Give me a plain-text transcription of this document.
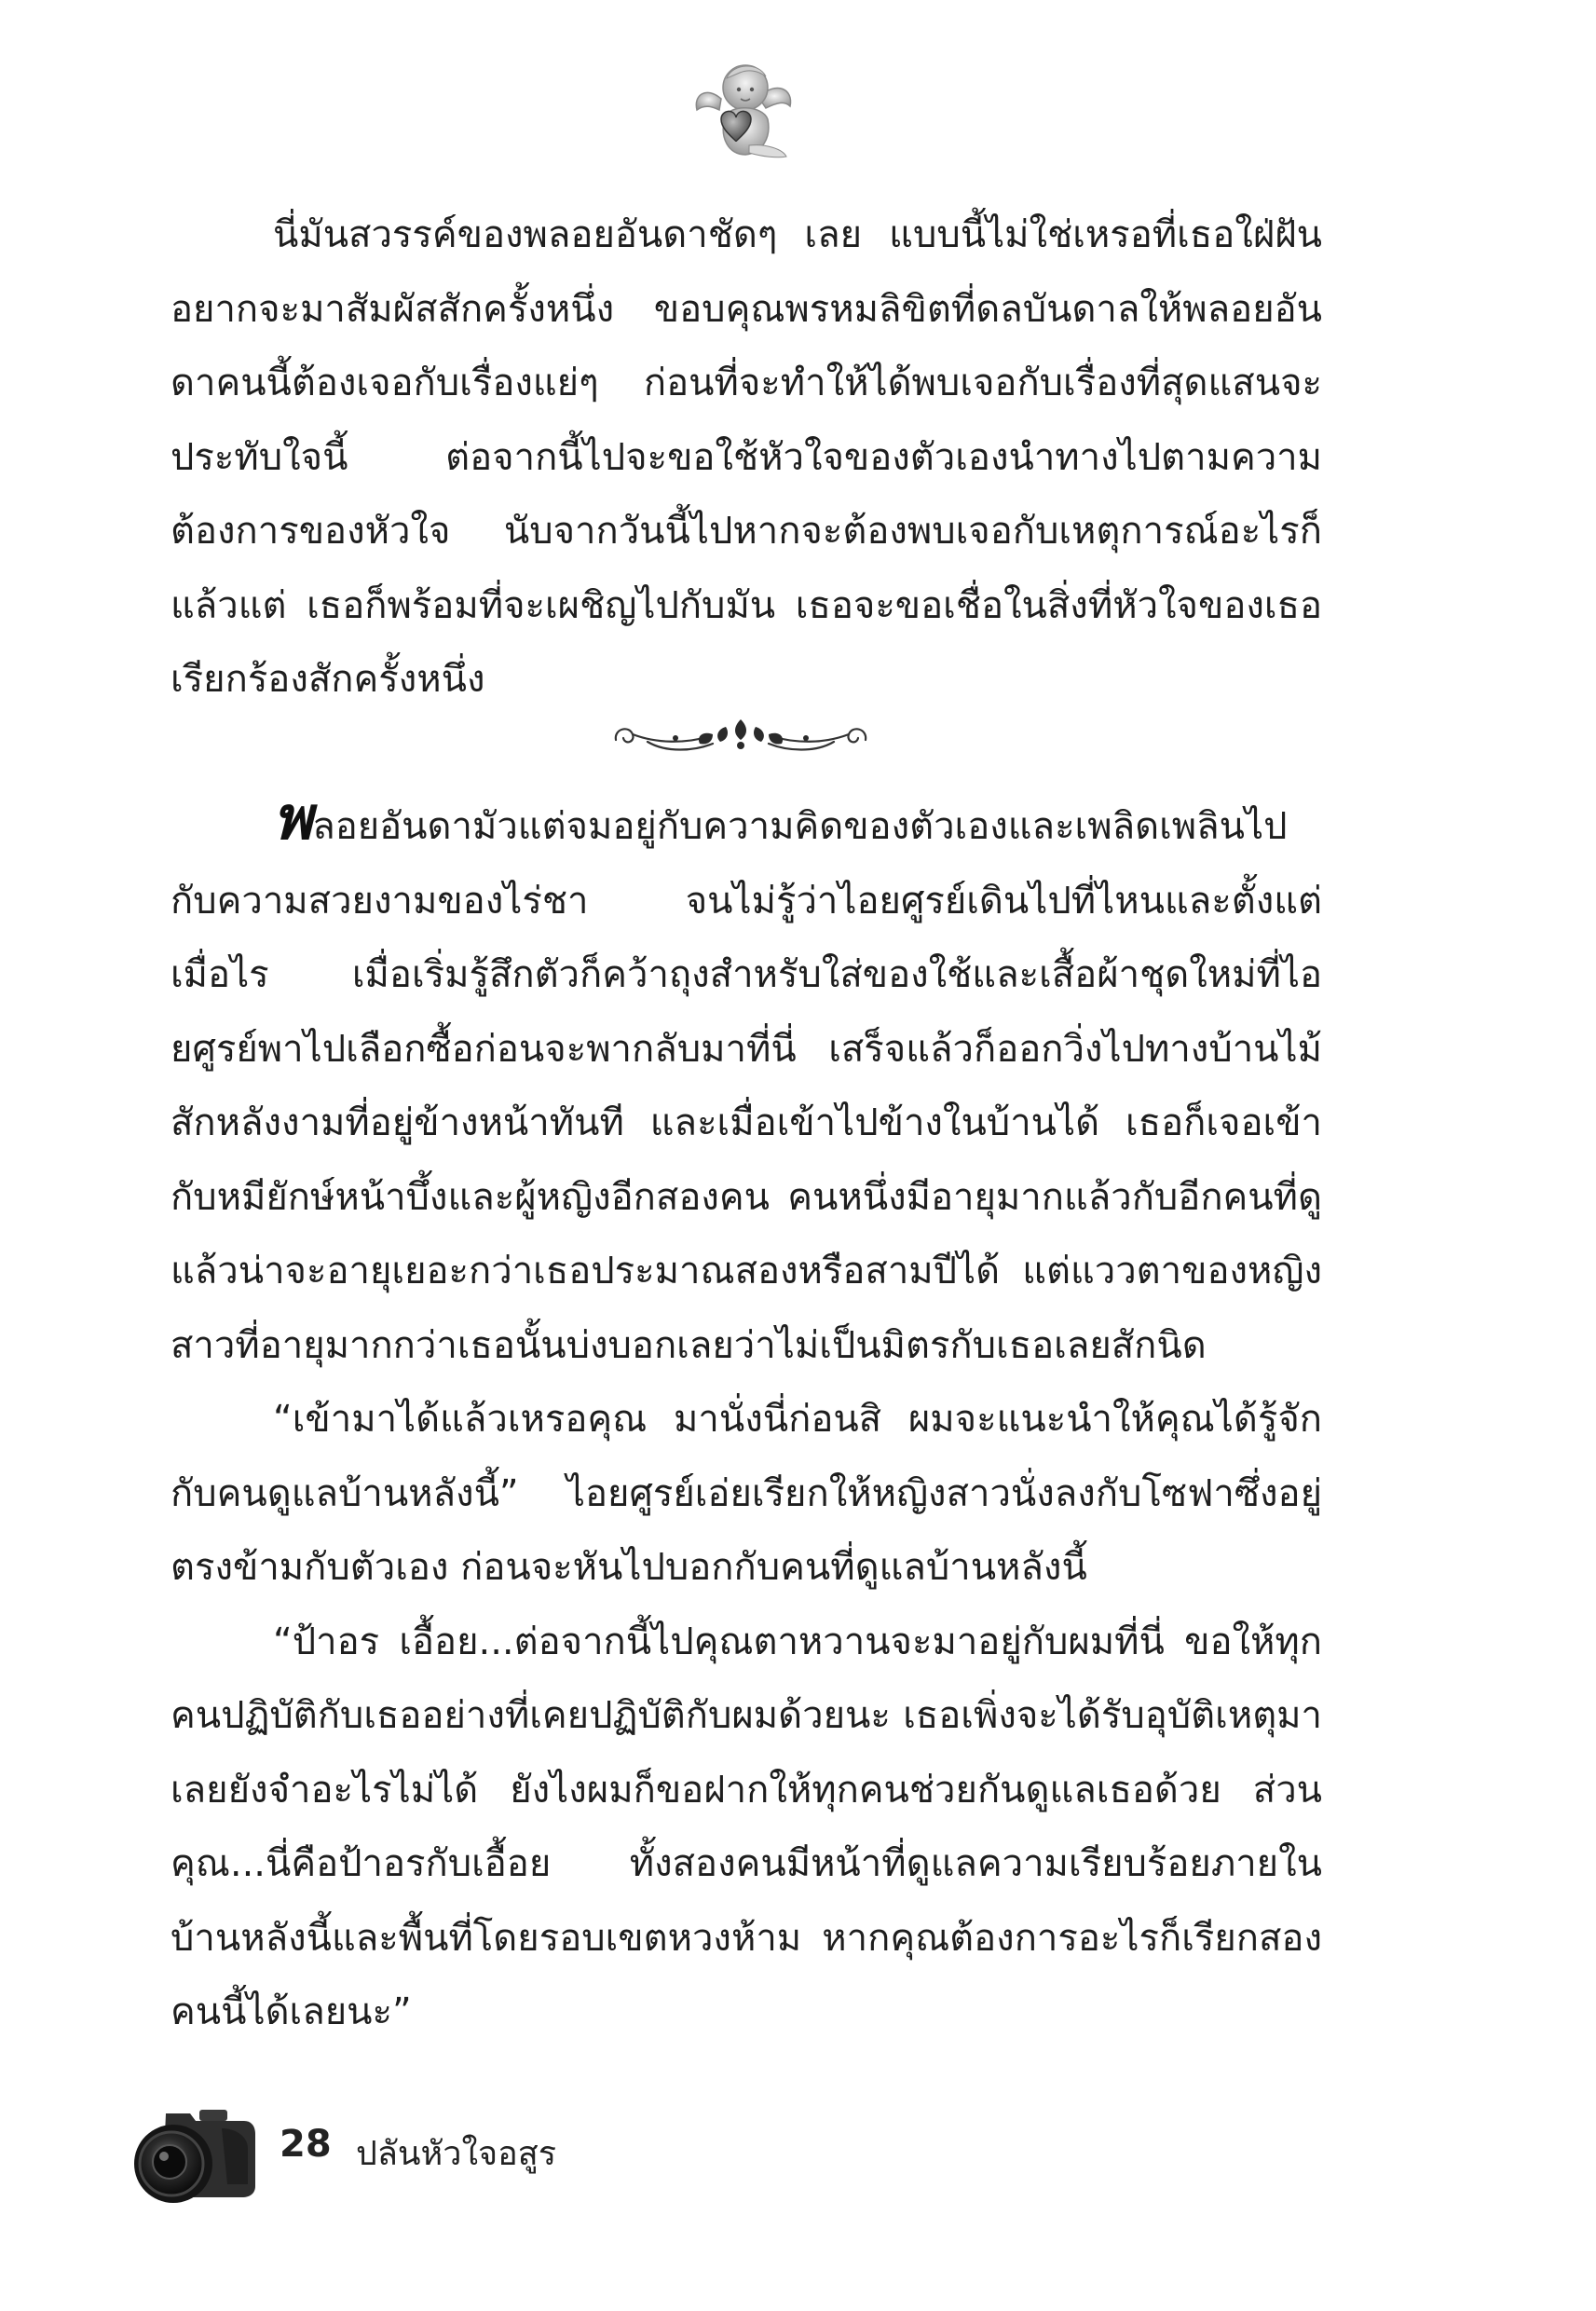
นี่มันสวรรค์ของพลอยอันดาชัดๆ เลย แบบนี้ไม่ใช่เหรอที่เธอใฝ่ฝันอยากจะมาสัมผัสสักครั้งหนึ่ง ขอบคุณพรหมลิขิตที่ดลบันดาลให้พลอยอันดาคนนี้ต้องเจอกับเรื่องแย่ๆ ก่อนที่จะทำให้ได้พบเจอกับเรื่องที่สุดแสนจะประทับใจนี้ ต่อจากนี้ไปจะขอใช้หัวใจของตัวเองนำทางไปตามความต้องการของหัวใจ นับจากวันนี้ไปหากจะต้องพบเจอกับเหตุการณ์อะไรก็แล้วแต่ เธอก็พร้อมที่จะเผชิญไปกับมัน เธอจะขอเชื่อในสิ่งที่หัวใจของเธอเรียกร้องสักครั้งหนึ่ง

พลอยอันดามัวแต่จมอยู่กับความคิดของตัวเองและเพลิดเพลินไปกับความสวยงามของไร่ชา จนไม่รู้ว่าไอยศูรย์เดินไปที่ไหนและตั้งแต่เมื่อไร เมื่อเริ่มรู้สึกตัวก็คว้าถุงสำหรับใส่ของใช้และเสื้อผ้าชุดใหม่ที่ไอยศูรย์พาไปเลือกซื้อก่อนจะพากลับมาที่นี่ เสร็จแล้วก็ออกวิ่งไปทางบ้านไม้สักหลังงามที่อยู่ข้างหน้าทันที และเมื่อเข้าไปข้างในบ้านได้ เธอก็เจอเข้ากับหมียักษ์หน้าบึ้งและผู้หญิงอีกสองคน คนหนึ่งมีอายุมากแล้วกับอีกคนที่ดูแล้วน่าจะอายุเยอะกว่าเธอประมาณสองหรือสามปีได้ แต่แววตาของหญิงสาวที่อายุมากกว่าเธอนั้นบ่งบอกเลยว่าไม่เป็นมิตรกับเธอเลยสักนิด

“เข้ามาได้แล้วเหรอคุณ มานั่งนี่ก่อนสิ ผมจะแนะนำให้คุณได้รู้จักกับคนดูแลบ้านหลังนี้” ไอยศูรย์เอ่ยเรียกให้หญิงสาวนั่งลงกับโซฟาซึ่งอยู่ตรงข้ามกับตัวเอง ก่อนจะหันไปบอกกับคนที่ดูแลบ้านหลังนี้

“ป้าอร เอื้อย...ต่อจากนี้ไปคุณตาหวานจะมาอยู่กับผมที่นี่ ขอให้ทุกคนปฏิบัติกับเธออย่างที่เคยปฏิบัติกับผมด้วยนะ เธอเพิ่งจะได้รับอุบัติเหตุมาเลยยังจำอะไรไม่ได้ ยังไงผมก็ขอฝากให้ทุกคนช่วยกันดูแลเธอด้วย ส่วนคุณ...นี่คือป้าอรกับเอื้อย ทั้งสองคนมีหน้าที่ดูแลความเรียบร้อยภายในบ้านหลังนี้และพื้นที่โดยรอบเขตหวงห้าม หากคุณต้องการอะไรก็เรียกสองคนนี้ได้เลยนะ”

28 ปลันหัวใจอสูร
